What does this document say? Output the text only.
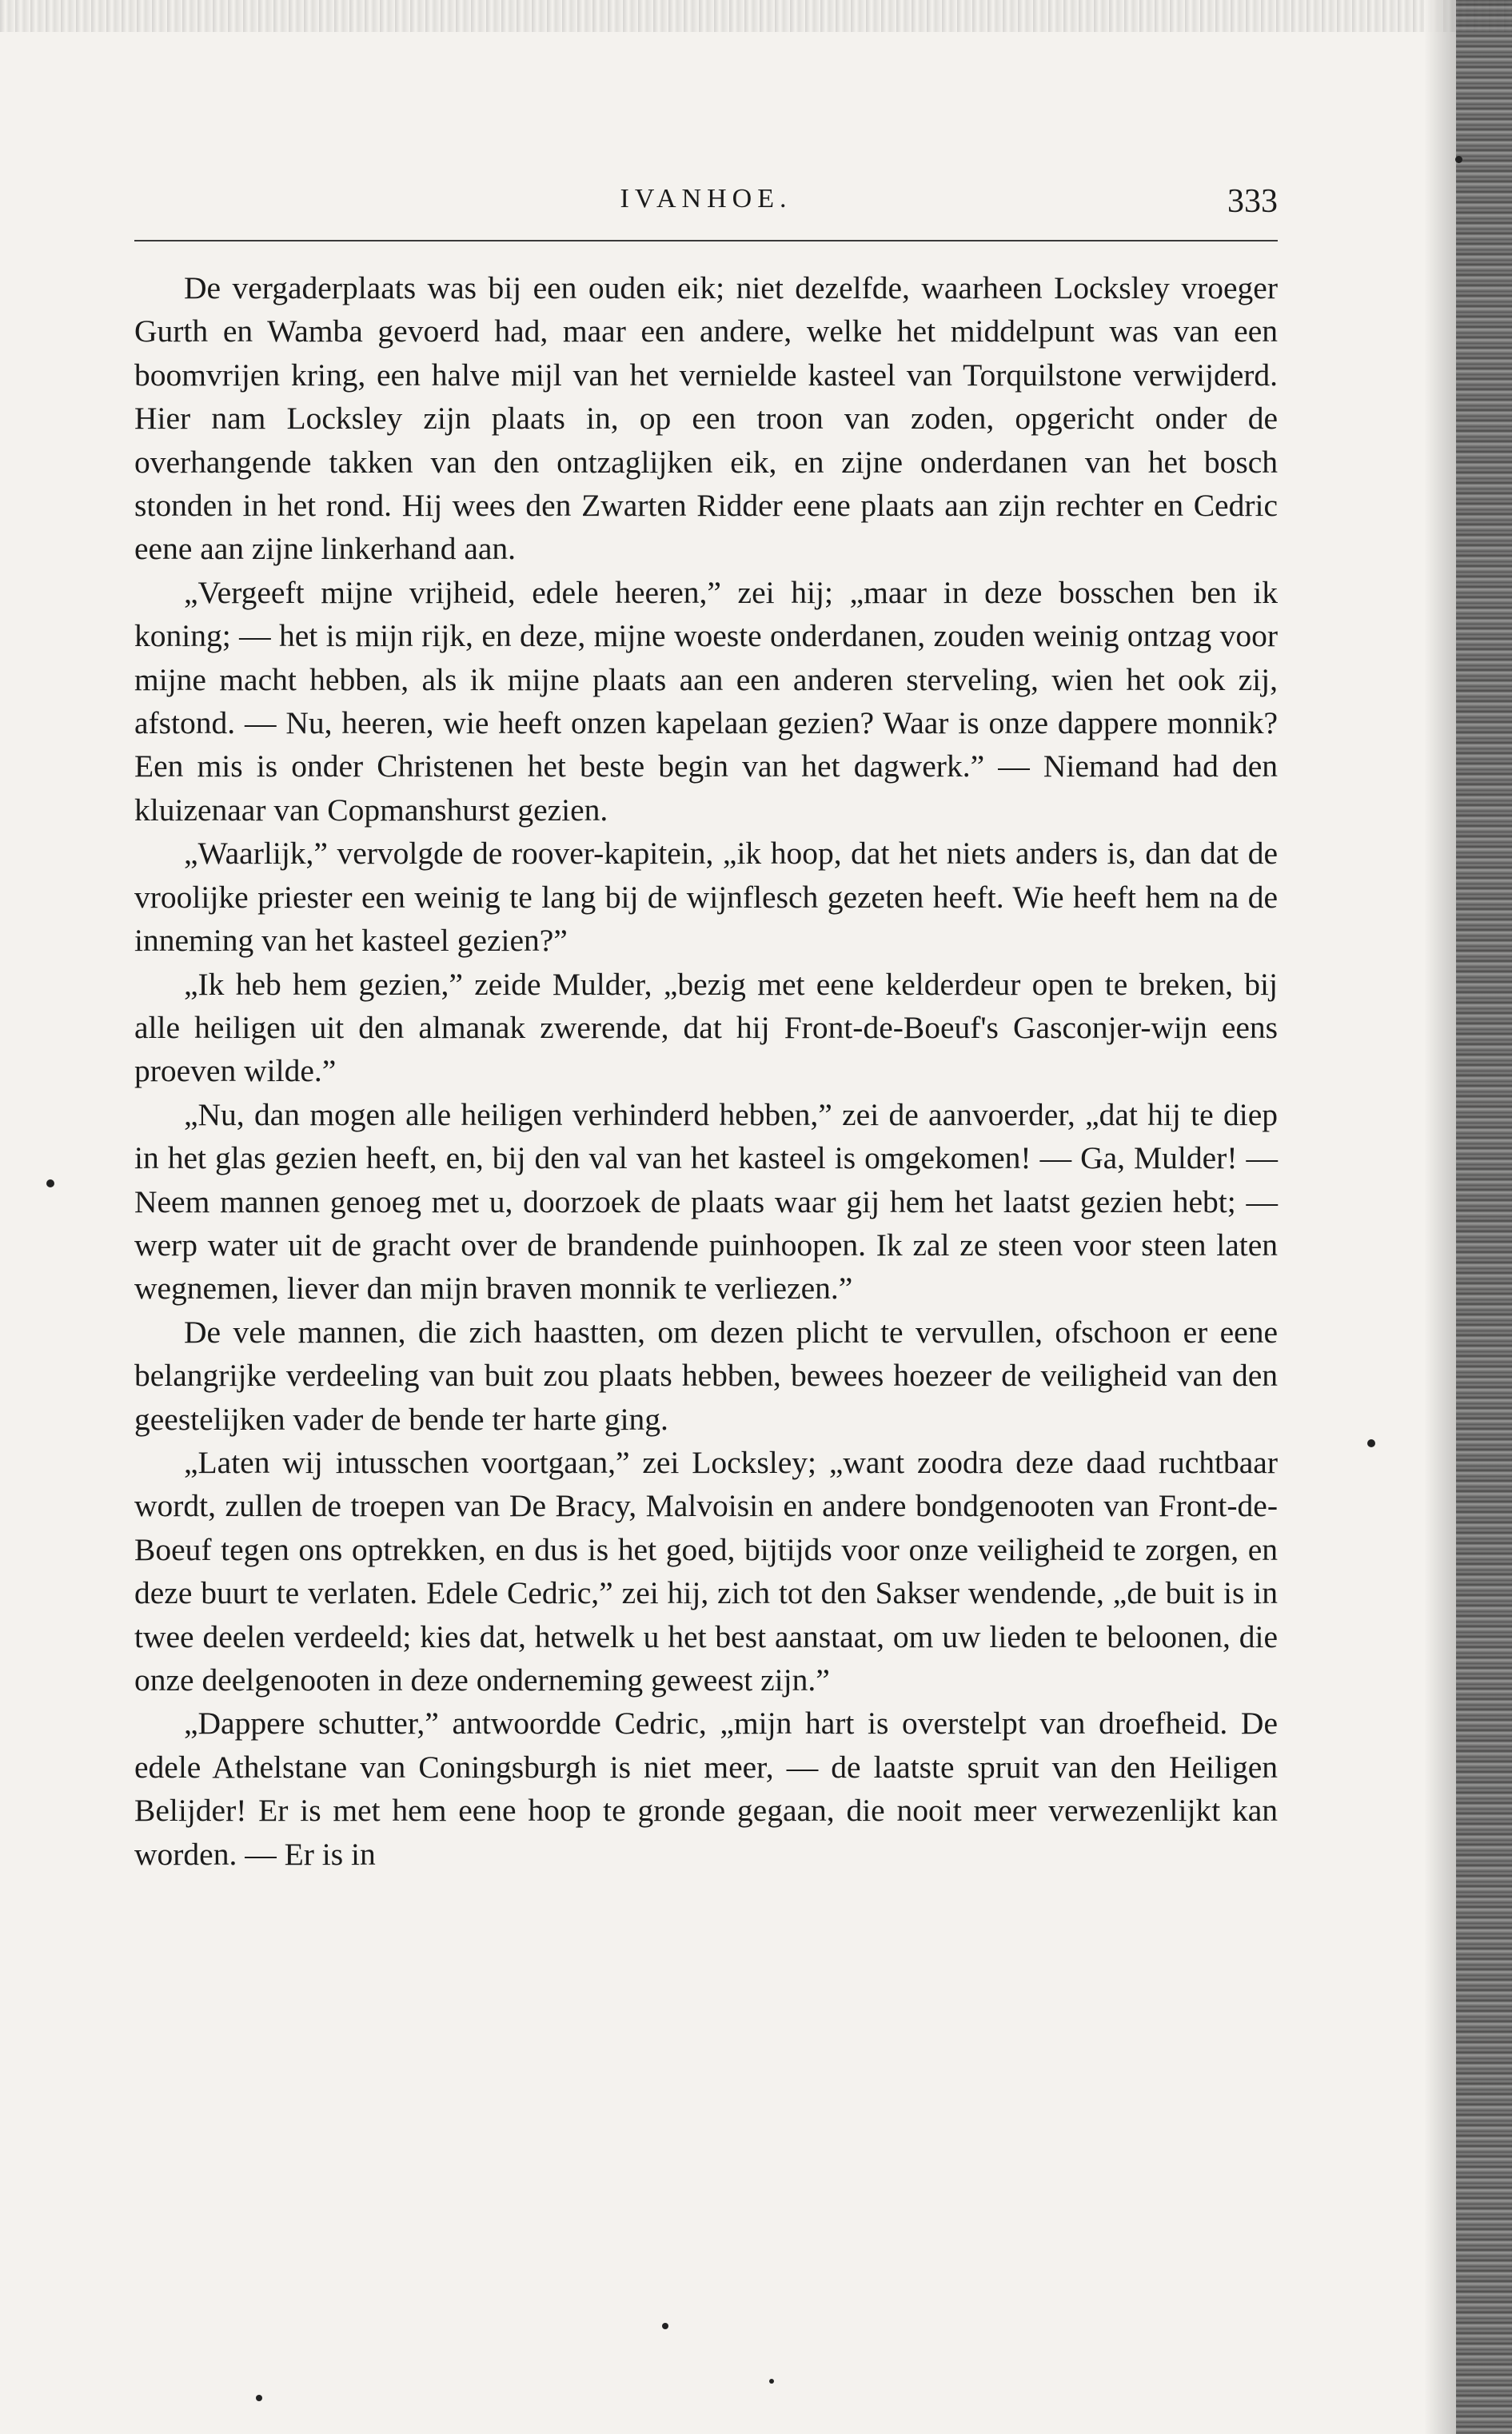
IVANHOE.	333

De vergaderplaats was bij een ouden eik; niet dezelfde, waarheen Locksley vroeger Gurth en Wamba gevoerd had, maar een andere, welke het middelpunt was van een boomvrijen kring, een halve mijl van het vernielde kasteel van Torquilstone verwijderd. Hier nam Locksley zijn plaats in, op een troon van zoden, opgericht onder de overhangende takken van den ontzaglijken eik, en zijne onderdanen van het bosch stonden in het rond. Hij wees den Zwarten Ridder eene plaats aan zijn rechter en Cedric eene aan zijne linkerhand aan.

„Vergeeft mijne vrijheid, edele heeren,” zei hij; „maar in deze bosschen ben ik koning; — het is mijn rijk, en deze, mijne woeste onderdanen, zouden weinig ontzag voor mijne macht hebben, als ik mijne plaats aan een anderen sterveling, wien het ook zij, afstond. — Nu, heeren, wie heeft onzen kapelaan gezien? Waar is onze dappere monnik? Een mis is onder Christenen het beste begin van het dagwerk.” — Niemand had den kluizenaar van Copmanshurst gezien.

„Waarlijk,” vervolgde de roover-kapitein, „ik hoop, dat het niets anders is, dan dat de vroolijke priester een weinig te lang bij de wijnflesch gezeten heeft. Wie heeft hem na de inneming van het kasteel gezien?”

„Ik heb hem gezien,” zeide Mulder, „bezig met eene kelderdeur open te breken, bij alle heiligen uit den almanak zwerende, dat hij Front-de-Boeuf's Gasconjer-wijn eens proeven wilde.”

„Nu, dan mogen alle heiligen verhinderd hebben,” zei de aanvoerder, „dat hij te diep in het glas gezien heeft, en, bij den val van het kasteel is omgekomen! — Ga, Mulder! — Neem mannen genoeg met u, doorzoek de plaats waar gij hem het laatst gezien hebt; — werp water uit de gracht over de brandende puinhoopen. Ik zal ze steen voor steen laten wegnemen, liever dan mijn braven monnik te verliezen.”

De vele mannen, die zich haastten, om dezen plicht te vervullen, ofschoon er eene belangrijke verdeeling van buit zou plaats hebben, bewees hoezeer de veiligheid van den geestelijken vader de bende ter harte ging.

„Laten wij intusschen voortgaan,” zei Locksley; „want zoodra deze daad ruchtbaar wordt, zullen de troepen van De Bracy, Malvoisin en andere bondgenooten van Front-de-Boeuf tegen ons optrekken, en dus is het goed, bijtijds voor onze veiligheid te zorgen, en deze buurt te verlaten. Edele Cedric,” zei hij, zich tot den Sakser wendende, „de buit is in twee deelen verdeeld; kies dat, hetwelk u het best aanstaat, om uw lieden te beloonen, die onze deelgenooten in deze onderneming geweest zijn.”

„Dappere schutter,” antwoordde Cedric, „mijn hart is overstelpt van droefheid. De edele Athelstane van Coningsburgh is niet meer, — de laatste spruit van den Heiligen Belijder! Er is met hem eene hoop te gronde gegaan, die nooit meer verwezenlijkt kan worden. — Er is in
